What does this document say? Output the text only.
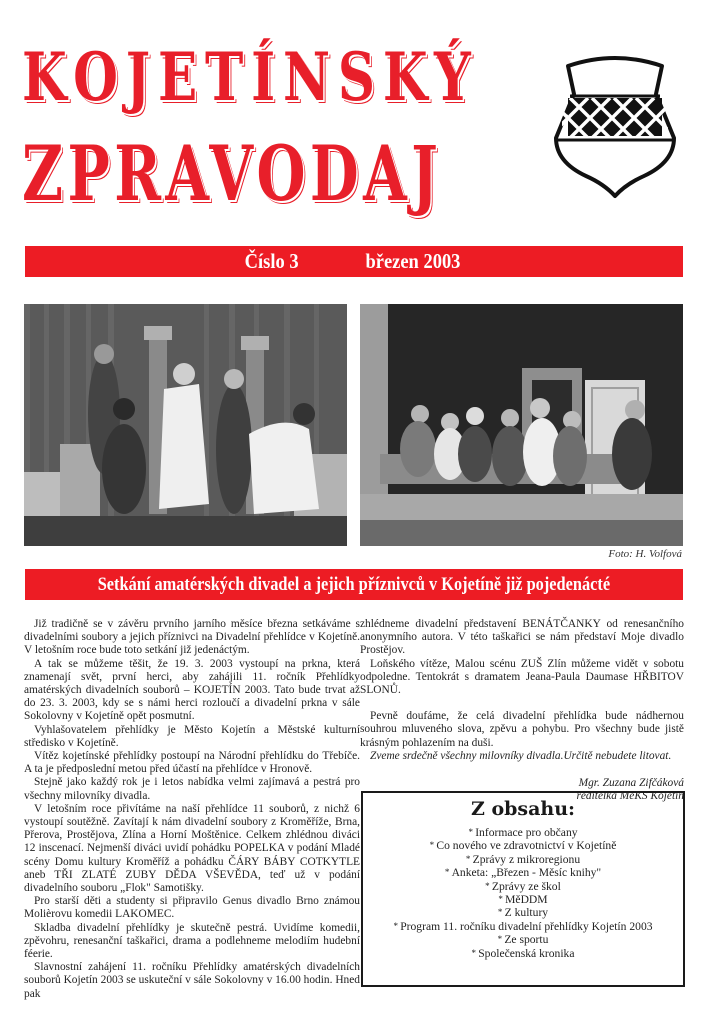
KOJETÍNSKÝ
ZPRAVODAJ
Číslo 3	březen 2003
Foto: H. Volfová
Setkání amatérských divadel a jejich příznivců v Kojetíně již pojedenácté

Již tradičně se v závěru prvního jarního měsíce března setkáváme s divadelními soubory a jejich příznivci na Divadelní přehlídce v Kojetíně. V letošním roce bude toto setkání již jedenáctým.

A tak se můžeme těšit, že 19. 3. 2003 vystoupí na prkna, která znamenají svět, první herci, aby zahájili 11. ročník Přehlídky amatérských divadelních souborů – KOJETÍN 2003. Tato bude trvat až do 23. 3. 2003, kdy se s námi herci rozloučí a divadelní prkna v sále Sokolovny v Kojetíně opět posmutní.

Vyhlašovatelem přehlídky je Město Kojetín a Městské kulturní středisko v Kojetíně.

Vítěz kojetínské přehlídky postoupí na Národní přehlídku do Třebíče. A ta je předposlední metou před účastí na přehlídce v Hronově.

Stejně jako každý rok je i letos nabídka velmi zajímavá a pestrá pro všechny milovníky divadla.

V letošním roce přivítáme na naší přehlídce 11 souborů, z nichž 6 vystoupí soutěžně. Zavítají k nám divadelní soubory z Kroměříže, Brna, Přerova, Prostějova, Zlína a Horní Moštěnice. Celkem zhlédnou diváci 12 inscenací. Nejmenší diváci uvidí pohádku POPELKA v podání Mladé scény Domu kultury Kroměříž a pohádku ČÁRY BÁBY COTKYTLE aneb TŘI ZLATÉ ZUBY DĚDA VŠEVĚDA, teď už v podání divadelního souboru „Flok" Samotišky.

Pro starší děti a studenty si připravilo Genus divadlo Brno známou Molièrovu komedii LAKOMEC.

Skladba divadelní přehlídky je skutečně pestrá. Uvidíme komedii, zpěvohru, renesanční taškařici, drama a podlehneme melodiím hudební féerie.

Slavnostní zahájení 11. ročníku Přehlídky amatérských divadelních souborů Kojetín 2003 se uskuteční v sále Sokolovny v 16.00 hodin. Hned pak

zhlédneme divadelní představení BENÁTČANKY od renesančního anonymního autora. V této taškařici se nám představí Moje divadlo Prostějov.

Loňského vítěze, Malou scénu ZUŠ Zlín můžeme vidět v sobotu odpoledne. Tentokrát s dramatem Jeana-Paula Daumase HŘBITOV SLONŮ.

Pevně doufáme, že celá divadelní přehlídka bude nádhernou souhrou mluveného slova, zpěvu a pohybu. Pro všechny bude jistě krásným pohlazením na duši.

Zveme srdečně všechny milovníky divadla.Určitě nebudete litovat.

Mgr. Zuzana Zifčáková
ředitelka MěKS Kojetín
Z obsahu:
* Informace pro občany
* Co nového ve zdravotnictví v Kojetíně
* Zprávy z mikroregionu
* Anketa: „Březen - Měsíc knihy"
* Zprávy ze škol
* MěDDM
* Z kultury
* Program 11. ročníku divadelní přehlídky Kojetín 2003
* Ze sportu
* Společenská kronika
